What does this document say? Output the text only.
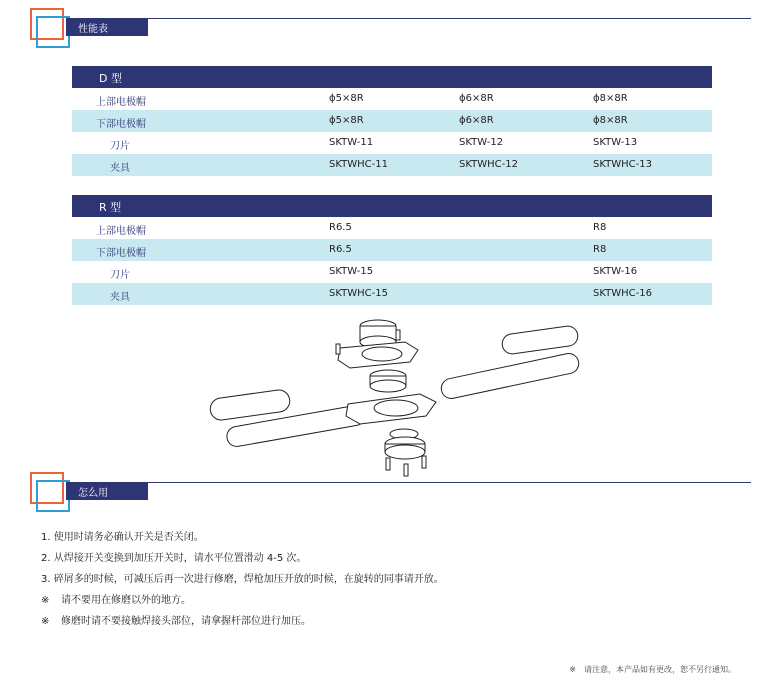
性能表
D 型
上部电极帽	ϕ5×8R	ϕ6×8R	ϕ8×8R
下部电极帽	ϕ5×8R	ϕ6×8R	ϕ8×8R
刀片	SKTW-11	SKTW-12	SKTW-13
夹具	SKTWHC-11	SKTWHC-12	SKTWHC-13
R 型
上部电极帽	R6.5	R8
下部电极帽	R6.5	R8
刀片	SKTW-15	SKTW-16
夹具	SKTWHC-15	SKTWHC-16
怎么用
1. 使用时请务必确认开关是否关闭。
2. 从焊接开关变换到加压开关时，请水平位置滑动 4-5 次。
3. 碎屑多的时候，可减压后再一次进行修磨，焊枪加压开放的时候，在旋转的同事请开放。
※ 请不要用在修磨以外的地方。
※ 修磨时请不要接触焊接头部位，请拿握杆部位进行加压。
※　请注意，本产品如有更改，恕不另行通知。
